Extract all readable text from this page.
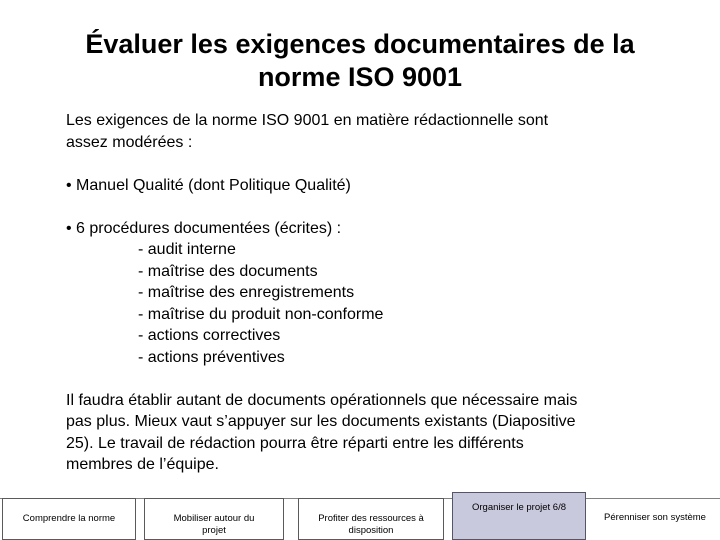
Évaluer les exigences documentaires de la
norme ISO 9001

Les exigences de la norme ISO 9001 en matière rédactionnelle sont

assez modérées :

• Manuel Qualité (dont Politique Qualité)

• 6 procédures documentées (écrites) :

- audit interne

- maîtrise des documents

- maîtrise des enregistrements

- maîtrise du produit non-conforme

- actions correctives

- actions préventives

Il faudra établir autant de documents opérationnels que nécessaire mais

pas plus. Mieux vaut s’appuyer sur les documents existants (Diapositive

25). Le travail de rédaction pourra être réparti entre les différents

membres de l’équipe.

Comprendre la norme	Mobiliser autour du
projet
Profiter des ressources à
disposition
Organiser le projet 6/8
Pérenniser son système
